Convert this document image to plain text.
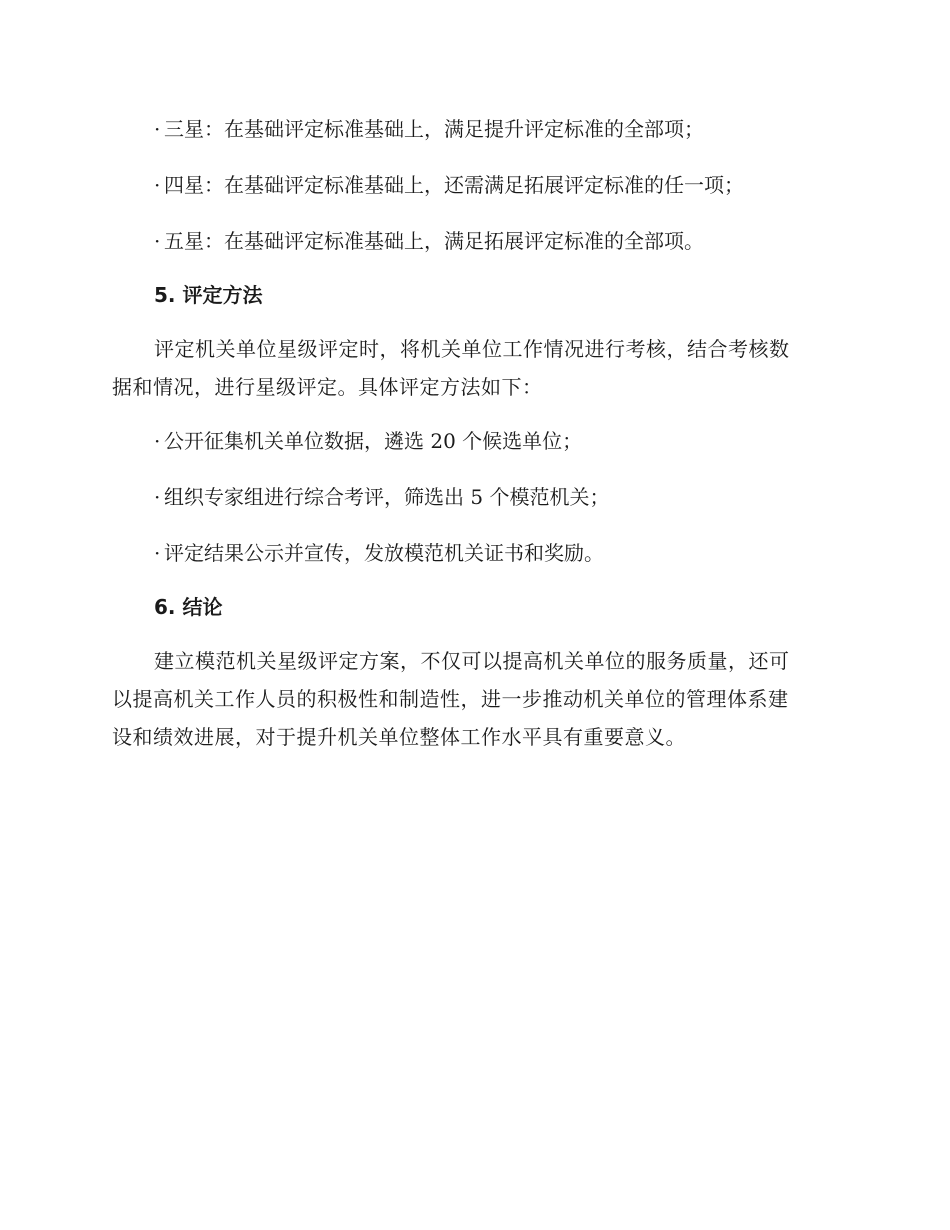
· 三星：在基础评定标准基础上，满足提升评定标准的全部项；

· 四星：在基础评定标准基础上，还需满足拓展评定标准的任一项；

· 五星：在基础评定标准基础上，满足拓展评定标准的全部项。

5. 评定方法

评定机关单位星级评定时，将机关单位工作情况进行考核，结合考核数

据和情况，进行星级评定。具体评定方法如下：

· 公开征集机关单位数据，遴选 20 个候选单位；

· 组织专家组进行综合考评，筛选出 5 个模范机关；

· 评定结果公示并宣传，发放模范机关证书和奖励。

6. 结论

建立模范机关星级评定方案，不仅可以提高机关单位的服务质量，还可

以提高机关工作人员的积极性和制造性，进一步推动机关单位的管理体系建

设和绩效进展，对于提升机关单位整体工作水平具有重要意义。
